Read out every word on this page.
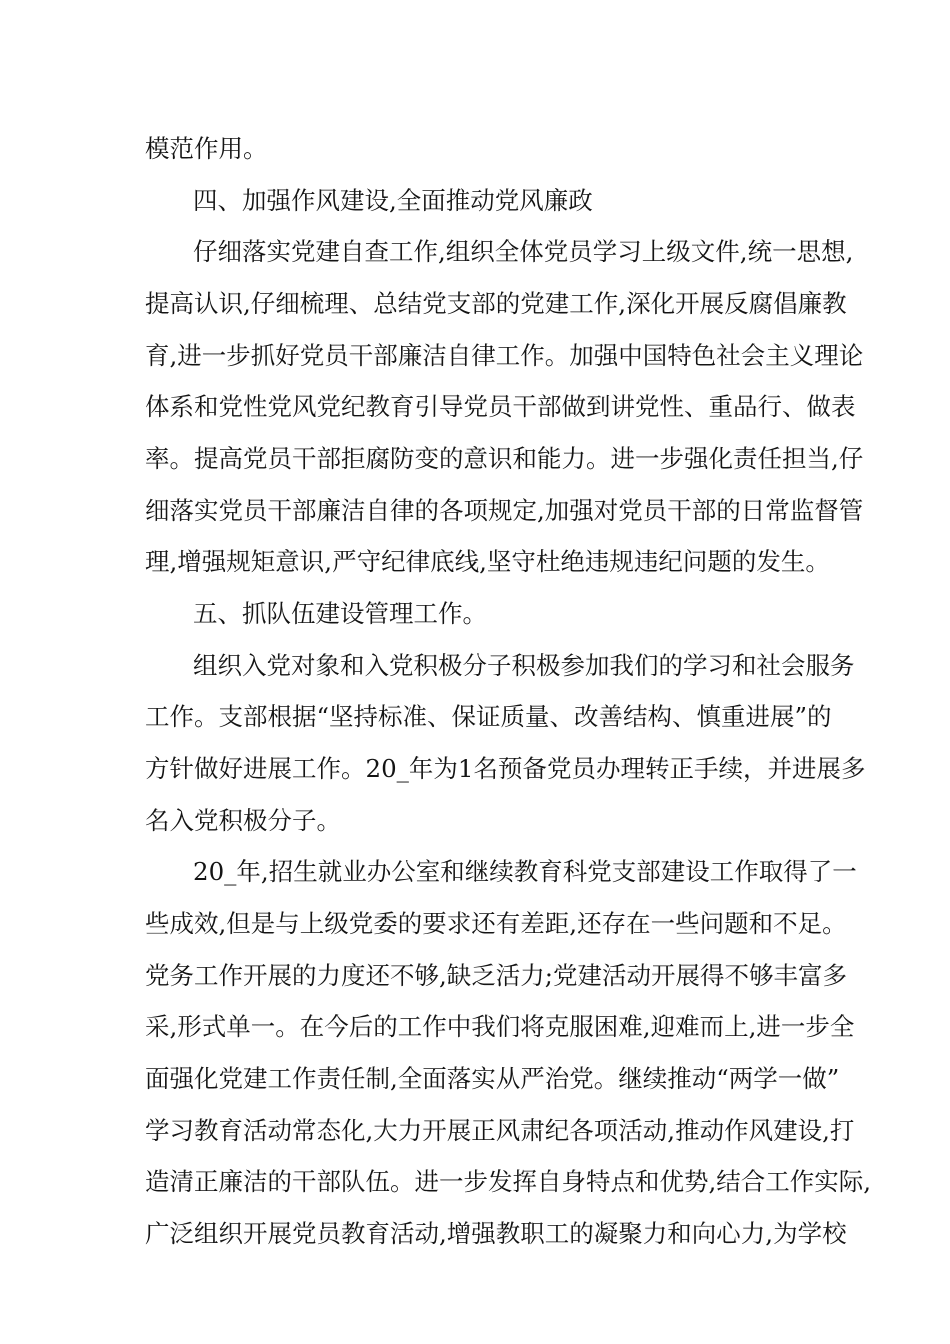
模范作用。
四、加强作风建设,全面推动党风廉政
仔细落实党建自查工作,组织全体党员学习上级文件,统一思想,
提高认识,仔细梳理、总结党支部的党建工作,深化开展反腐倡廉教
育,进一步抓好党员干部廉洁自律工作。加强中国特色社会主义理论
体系和党性党风党纪教育引导党员干部做到讲党性、重品行、做表
率。提高党员干部拒腐防变的意识和能力。进一步强化责任担当,仔
细落实党员干部廉洁自律的各项规定,加强对党员干部的日常监督管
理,增强规矩意识,严守纪律底线,坚守杜绝违规违纪问题的发生。
五、抓队伍建设管理工作。
组织入党对象和入党积极分子积极参加我们的学习和社会服务
工作。支部根据“坚持标准、保证质量、改善结构、慎重进展”的
方针做好进展工作。20_年为1名预备党员办理转正手续，并进展多
名入党积极分子。
20_年,招生就业办公室和继续教育科党支部建设工作取得了一
些成效,但是与上级党委的要求还有差距,还存在一些问题和不足。
党务工作开展的力度还不够,缺乏活力;党建活动开展得不够丰富多
采,形式单一。在今后的工作中我们将克服困难,迎难而上,进一步全
面强化党建工作责任制,全面落实从严治党。继续推动“两学一做”
学习教育活动常态化,大力开展正风肃纪各项活动,推动作风建设,打
造清正廉洁的干部队伍。进一步发挥自身特点和优势,结合工作实际,
广泛组织开展党员教育活动,增强教职工的凝聚力和向心力,为学校
